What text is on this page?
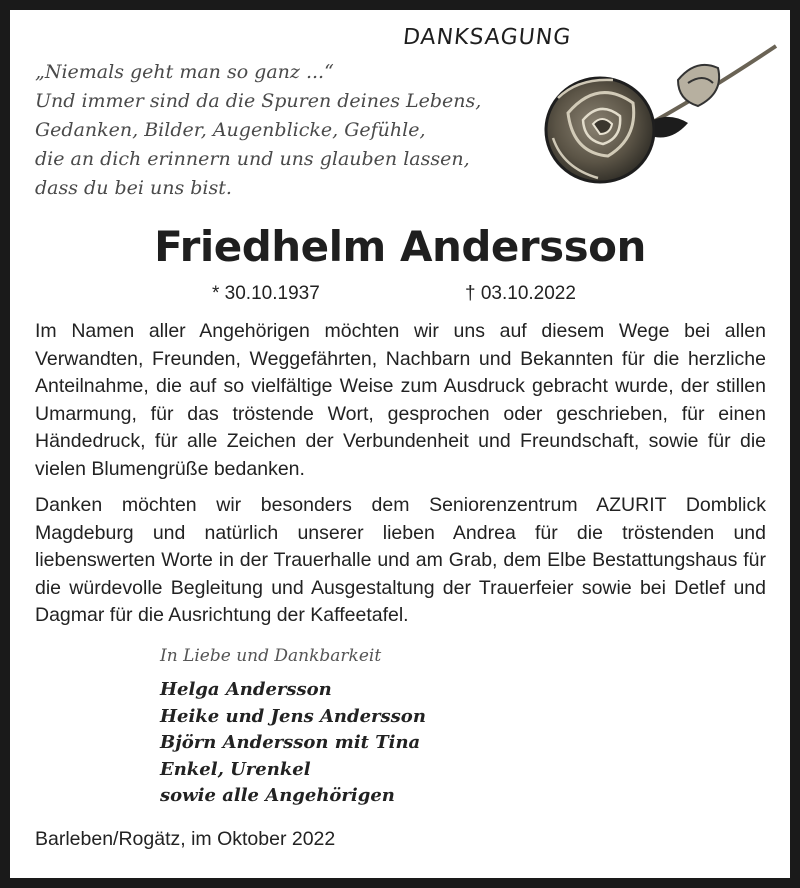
DANKSAGUNG
„Niemals geht man so ganz ...“
Und immer sind da die Spuren deines Lebens,
Gedanken, Bilder, Augenblicke, Gefühle,
die an dich erinnern und uns glauben lassen,
dass du bei uns bist.
Friedhelm Andersson
* 30.10.1937	† 03.10.2022
Im Namen aller Angehörigen möchten wir uns auf diesem Wege bei allen Verwandten, Freunden, Weggefährten, Nachbarn und Bekannten für die herzliche Anteilnahme, die auf so vielfältige Weise zum Ausdruck gebracht wurde, der stillen Umarmung, für das tröstende Wort, gesprochen oder geschrieben, für einen Händedruck, für alle Zeichen der Verbundenheit und Freundschaft, sowie für die vielen Blumengrüße bedanken.
Danken möchten wir besonders dem Seniorenzentrum AZURIT Domblick Magdeburg und natürlich unserer lieben Andrea für die tröstenden und liebenswerten Worte in der Trauerhalle und am Grab, dem Elbe Bestattungshaus für die würdevolle Begleitung und Ausgestaltung der Trauerfeier sowie bei Detlef und Dagmar für die Ausrichtung der Kaffeetafel.
In Liebe und Dankbarkeit
Helga Andersson
Heike und Jens Andersson
Björn Andersson mit Tina
Enkel, Urenkel
sowie alle Angehörigen
Barleben/Rogätz, im Oktober 2022
